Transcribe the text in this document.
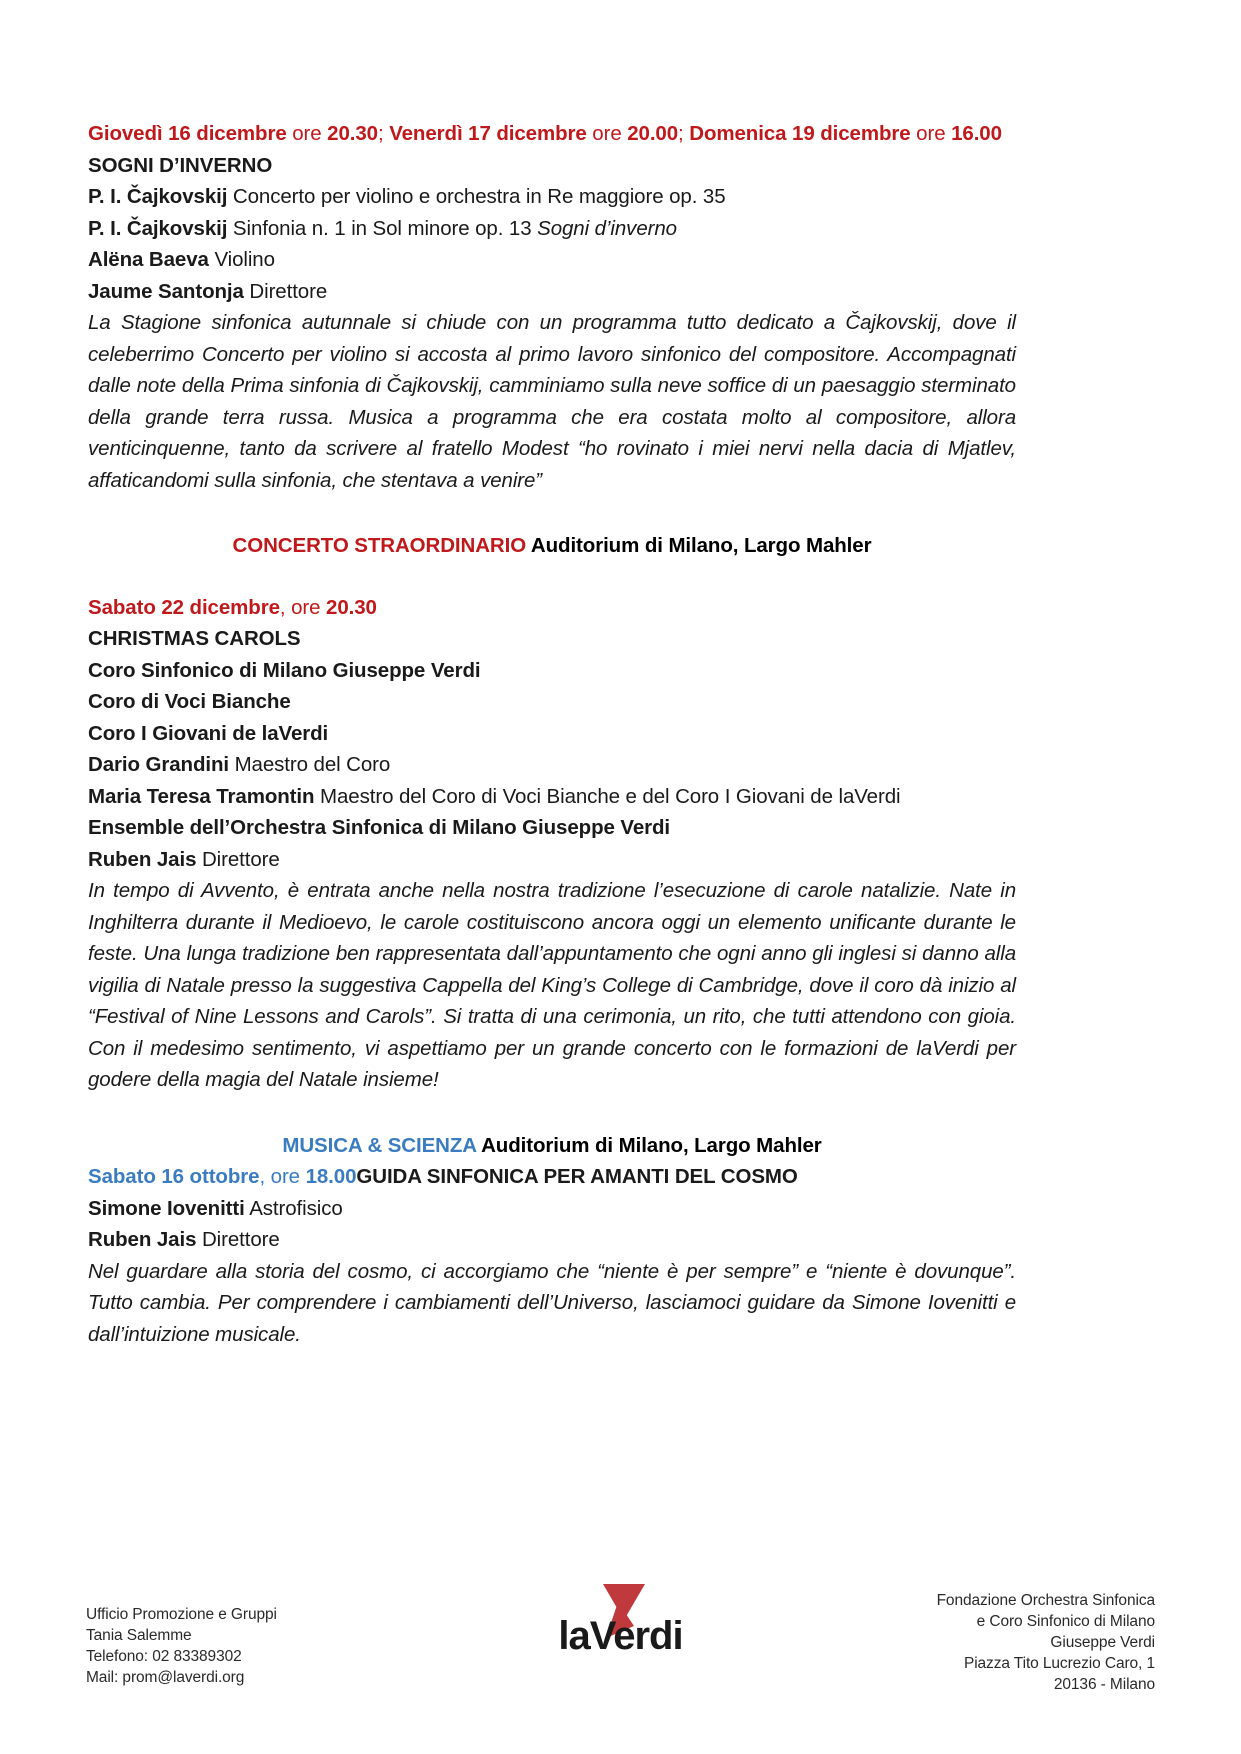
Giovedì 16 dicembre ore 20.30; Venerdì 17 dicembre ore 20.00; Domenica 19 dicembre ore 16.00
SOGNI D’INVERNO
P. I. Čajkovskij Concerto per violino e orchestra in Re maggiore op. 35
P. I. Čajkovskij Sinfonia n. 1 in Sol minore op. 13 Sogni d’inverno
Alëna Baeva Violino
Jaume Santonja Direttore
La Stagione sinfonica autunnale si chiude con un programma tutto dedicato a Čajkovskij, dove il celeberrimo Concerto per violino si accosta al primo lavoro sinfonico del compositore. Accompagnati dalle note della Prima sinfonia di Čajkovskij, camminiamo sulla neve soffice di un paesaggio sterminato della grande terra russa. Musica a programma che era costata molto al compositore, allora venticinquenne, tanto da scrivere al fratello Modest “ho rovinato i miei nervi nella dacia di Mjatlev, affaticandomi sulla sinfonia, che stentava a venire”
CONCERTO STRAORDINARIO Auditorium di Milano, Largo Mahler
Sabato 22 dicembre, ore 20.30
CHRISTMAS CAROLS
Coro Sinfonico di Milano Giuseppe Verdi
Coro di Voci Bianche
Coro I Giovani de laVerdi
Dario Grandini Maestro del Coro
Maria Teresa Tramontin Maestro del Coro di Voci Bianche e del Coro I Giovani de laVerdi
Ensemble dell’Orchestra Sinfonica di Milano Giuseppe Verdi
Ruben Jais Direttore
In tempo di Avvento, è entrata anche nella nostra tradizione l’esecuzione di carole natalizie. Nate in Inghilterra durante il Medioevo, le carole costituiscono ancora oggi un elemento unificante durante le feste. Una lunga tradizione ben rappresentata dall’appuntamento che ogni anno gli inglesi si danno alla vigilia di Natale presso la suggestiva Cappella del King’s College di Cambridge, dove il coro dà inizio al “Festival of Nine Lessons and Carols”. Si tratta di una cerimonia, un rito, che tutti attendono con gioia. Con il medesimo sentimento, vi aspettiamo per un grande concerto con le formazioni de laVerdi per godere della magia del Natale insieme!
MUSICA & SCIENZA Auditorium di Milano, Largo Mahler
Sabato 16 ottobre, ore 18.00GUIDA SINFONICA PER AMANTI DEL COSMO
Simone Iovenitti Astrofisico
Ruben Jais Direttore
Nel guardare alla storia del cosmo, ci accorgiamo che “niente è per sempre” e “niente è dovunque”. Tutto cambia. Per comprendere i cambiamenti dell’Universo, lasciamoci guidare da Simone Iovenitti e dall’intuizione musicale.
Ufficio Promozione e Gruppi
Tania Salemme
Telefono: 02 83389302
Mail: prom@laverdi.org
laVerdi
Fondazione Orchestra Sinfonica
e Coro Sinfonico di Milano
Giuseppe Verdi
Piazza Tito Lucrezio Caro, 1
20136 - Milano
